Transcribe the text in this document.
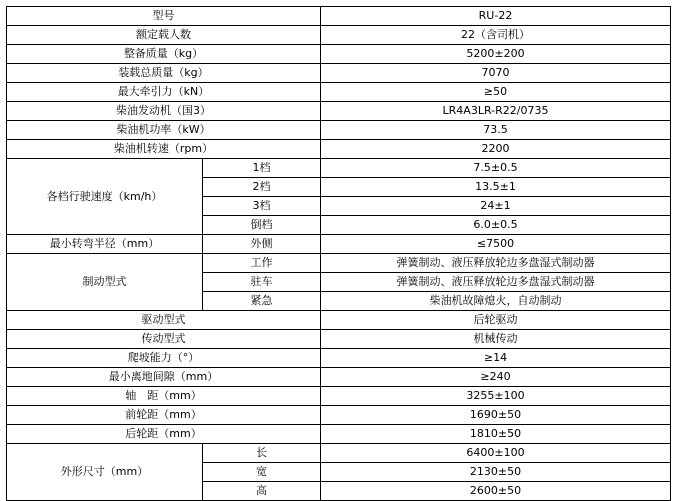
型号		RU-22
额定载人数		22（含司机）
整备质量（kg）		5200±200
装载总质量（kg）		7070
最大牵引力（kN）		≥50
柴油发动机（国3）		LR4A3LR-R22/0735
柴油机功率（kW）		73.5
柴油机转速（rpm）		2200
各档行驶速度（km/h）	1档	7.5±0.5
	2档	13.5±1
	3档	24±1
	倒档	6.0±0.5
最小转弯半径（mm）	外侧	≤7500
制动型式	工作	弹簧制动、液压释放轮边多盘湿式制动器
	驻车	弹簧制动、液压释放轮边多盘湿式制动器
	紧急	柴油机故障熄火，自动制动
驱动型式		后轮驱动
传动型式		机械传动
爬坡能力（°）		≥14
最小离地间隙（mm）		≥240
轴　距（mm）		3255±100
前轮距（mm）		1690±50
后轮距（mm）		1810±50
外形尺寸（mm）	长	6400±100
	宽	2130±50
	高	2600±50
